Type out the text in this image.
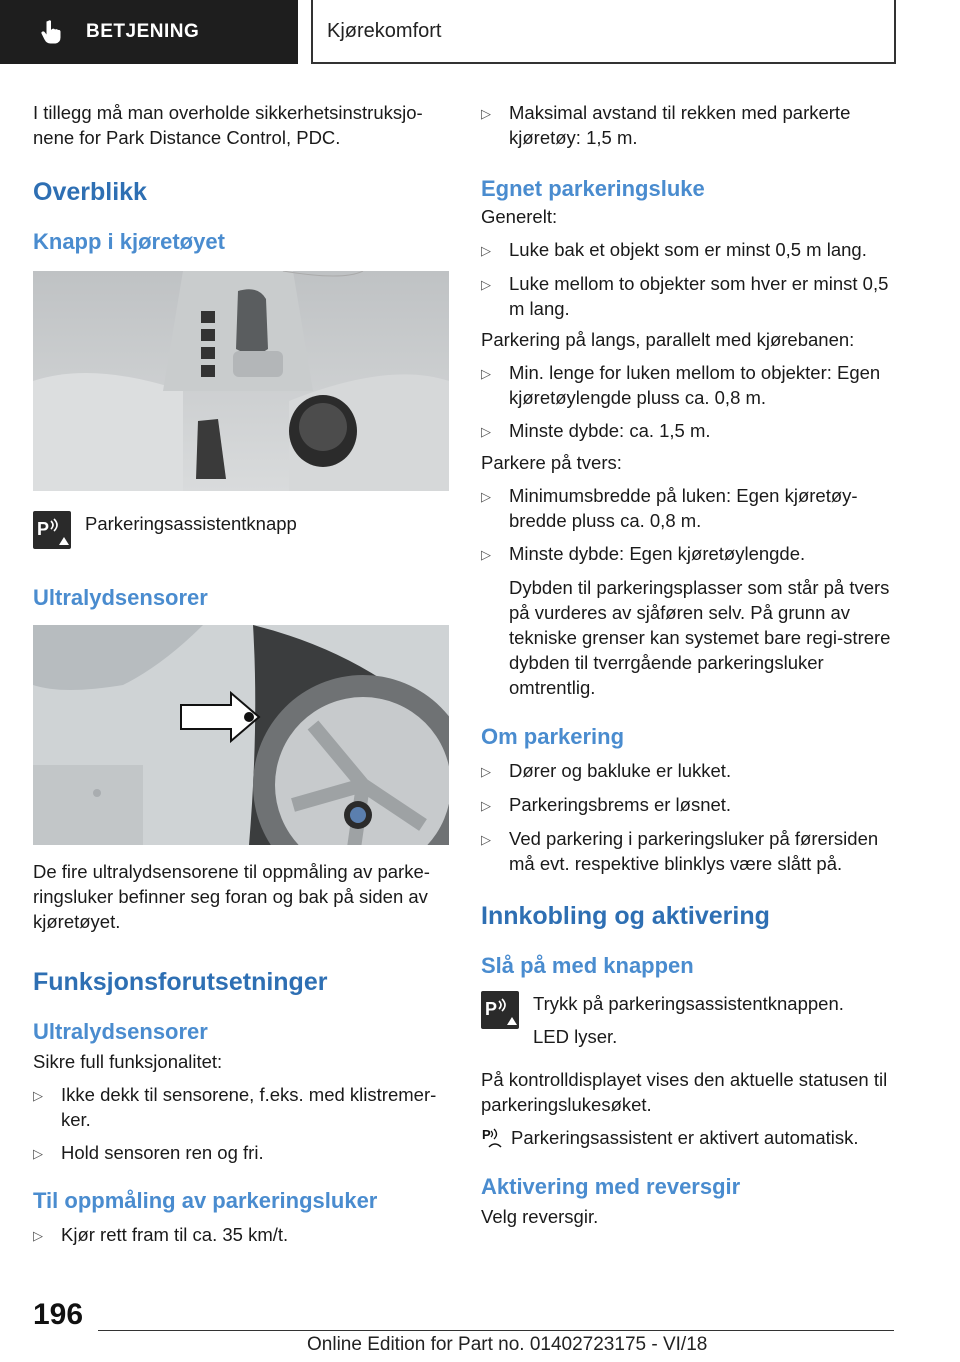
BETJENING	Kjørekomfort

I tillegg må man overholde sikkerhetsinstruksjo-

nene for Park Distance Control, PDC.

Overblikk
Knapp i kjøretøyet
P Parkeringsassistentknapp

Ultralydsensorer

De fire ultralydsensorene til oppmåling av parke-

ringsluker befinner seg foran og bak på siden av

kjøretøyet.

Funksjonsforutsetninger
Ultralydsensorer

Sikre full funksjonalitet:

▷ Ikke dekk til sensorene, f.eks. med klistremer-ker.
▷ Hold sensoren ren og fri.
Til oppmåling av parkeringsluker
▷ Kjør rett fram til ca. 35 km/t.
▷ Maksimal avstand til rekken med parkerte kjøretøy: 1,5 m.
Egnet parkeringsluke

Generelt:

▷ Luke bak et objekt som er minst 0,5 m lang.
▷ Luke mellom to objekter som hver er minst 0,5 m lang.

Parkering på langs, parallelt med kjørebanen:

▷ Min. lenge for luken mellom to objekter: Egen kjøretøylengde pluss ca. 0,8 m.
▷ Minste dybde: ca. 1,5 m.

Parkere på tvers:

▷ Minimumsbredde på luken: Egen kjøretøy-bredde pluss ca. 0,8 m.
▷ Minste dybde: Egen kjøretøylengde.

Dybden til parkeringsplasser som står på tvers på vurderes av sjåføren selv. På grunn av tekniske grenser kan systemet bare regi-strere dybden til tverrgående parkeringsluker omtrentlig.

Om parkering
▷ Dører og bakluke er lukket.
▷ Parkeringsbrems er løsnet.
▷ Ved parkering i parkeringsluker på førersiden må evt. respektive blinklys være slått på.
Innkobling og aktivering
Slå på med knappen
P Trykk på parkeringsassistentknappen.

LED lyser.

På kontrolldisplayet vises den aktuelle statusen til parkeringslukesøket.

P Parkeringsassistent er aktivert automatisk.

Aktivering med reversgir

Velg reversgir.

196
Online Edition for Part no. 01402723175 - VI/18
